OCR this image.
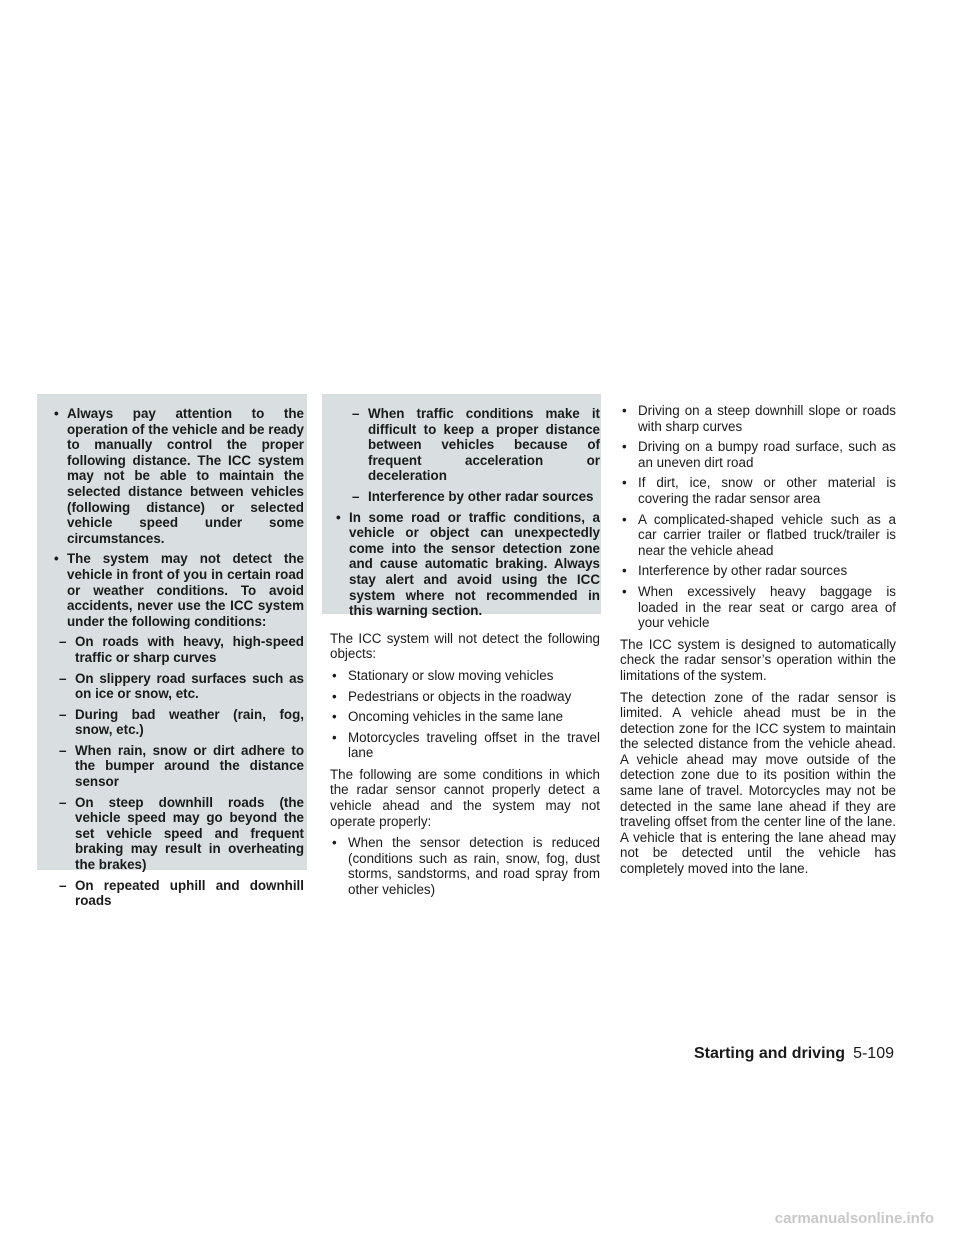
• Always pay attention to the operation of the vehicle and be ready to manually control the proper following distance. The ICC system may not be able to maintain the selected distance between vehicles (following distance) or selected vehicle speed under some circumstances.
• The system may not detect the vehicle in front of you in certain road or weather conditions. To avoid accidents, never use the ICC system under the following conditions:
– On roads with heavy, high-speed traffic or sharp curves
– On slippery road surfaces such as on ice or snow, etc.
– During bad weather (rain, fog, snow, etc.)
– When rain, snow or dirt adhere to the bumper around the distance sensor
– On steep downhill roads (the vehicle speed may go beyond the set vehicle speed and frequent braking may result in overheating the brakes)
– On repeated uphill and downhill roads
– When traffic conditions make it difficult to keep a proper distance between vehicles because of frequent acceleration or deceleration
– Interference by other radar sources
• In some road or traffic conditions, a vehicle or object can unexpectedly come into the sensor detection zone and cause automatic braking. Always stay alert and avoid using the ICC system where not recommended in this warning section.
The ICC system will not detect the following objects:
• Stationary or slow moving vehicles
• Pedestrians or objects in the roadway
• Oncoming vehicles in the same lane
• Motorcycles traveling offset in the travel lane
The following are some conditions in which the radar sensor cannot properly detect a vehicle ahead and the system may not operate properly:
• When the sensor detection is reduced (conditions such as rain, snow, fog, dust storms, sandstorms, and road spray from other vehicles)
• Driving on a steep downhill slope or roads with sharp curves
• Driving on a bumpy road surface, such as an uneven dirt road
• If dirt, ice, snow or other material is covering the radar sensor area
• A complicated-shaped vehicle such as a car carrier trailer or flatbed truck/trailer is near the vehicle ahead
• Interference by other radar sources
• When excessively heavy baggage is loaded in the rear seat or cargo area of your vehicle
The ICC system is designed to automatically check the radar sensor’s operation within the limitations of the system.
The detection zone of the radar sensor is limited. A vehicle ahead must be in the detection zone for the ICC system to maintain the selected distance from the vehicle ahead. A vehicle ahead may move outside of the detection zone due to its position within the same lane of travel. Motorcycles may not be detected in the same lane ahead if they are traveling offset from the center line of the lane. A vehicle that is entering the lane ahead may not be detected until the vehicle has completely moved into the lane.
Starting and driving 5-109
carmanualsonline.info
